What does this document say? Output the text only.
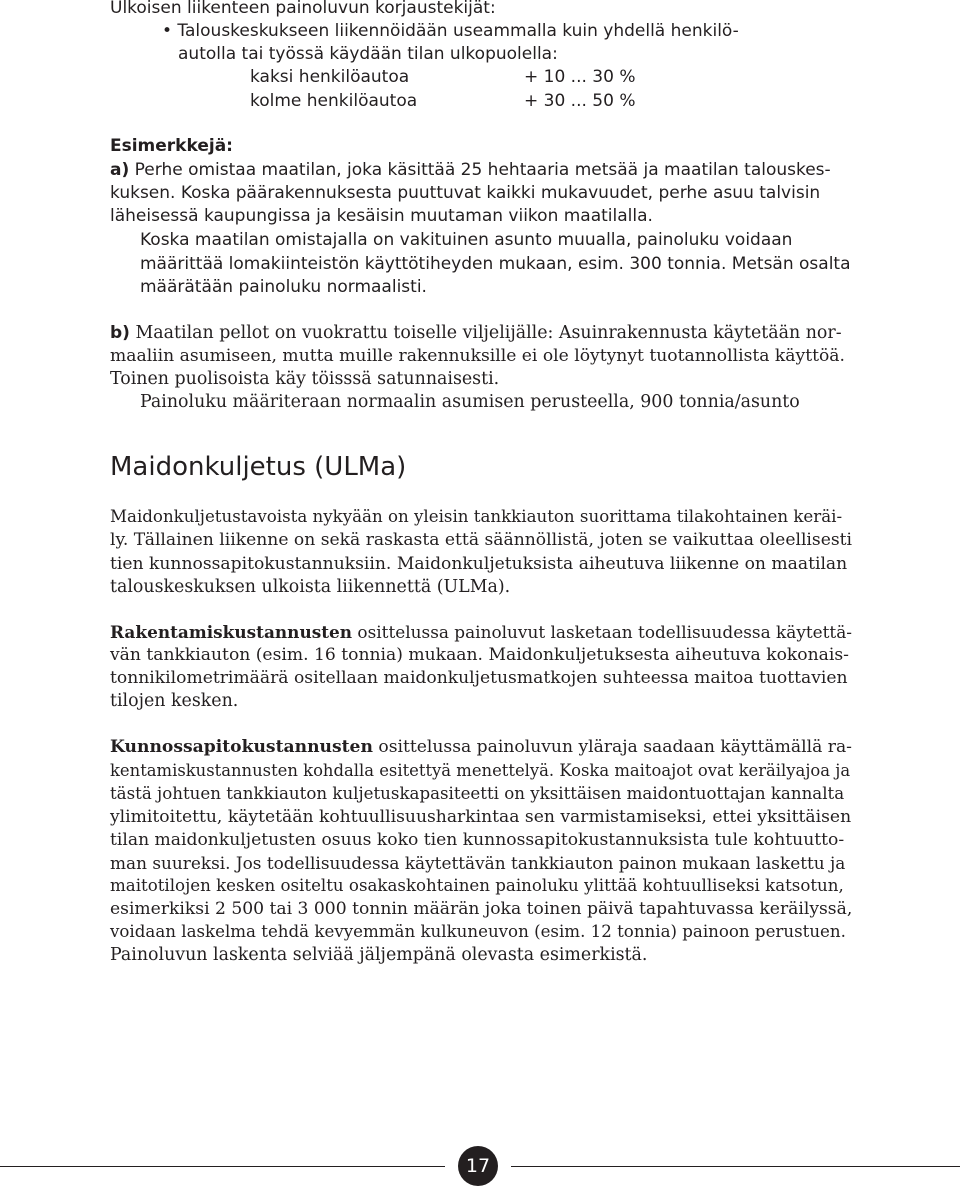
Ulkoisen liikenteen painoluvun korjaustekijät:
• Talouskeskukseen liikennöidään useammalla kuin yhdellä henkilö-
autolla tai työssä käydään tilan ulkopuolella:
kaksi henkilöautoa	+ 10 ... 30 %
kolme henkilöautoa	+ 30 ... 50 %
Esimerkkejä:
a) Perhe omistaa maatilan, joka käsittää 25 hehtaaria metsää ja maatilan talouskes-
kuksen. Koska päärakennuksesta puuttuvat kaikki mukavuudet, perhe asuu talvisin
läheisessä kaupungissa ja kesäisin muutaman viikon maatilalla.
Koska maatilan omistajalla on vakituinen asunto muualla, painoluku voidaan
määrittää lomakiinteistön käyttötiheyden mukaan, esim. 300 tonnia. Metsän osalta
määrätään painoluku normaalisti.
b) Maatilan pellot on vuokrattu toiselle viljelijälle: Asuinrakennusta käytetään nor-
maaliin asumiseen, mutta muille rakennuksille ei ole löytynyt tuotannollista käyttöä.
Toinen puolisoista käy töisssä satunnaisesti.
Painoluku määriteraan normaalin asumisen perusteella, 900 tonnia/asunto
Maidonkuljetus (ULMa)
Maidonkuljetustavoista nykyään on yleisin tankkiauton suorittama tilakohtainen keräi-
ly. Tällainen liikenne on sekä raskasta että säännöllistä, joten se vaikuttaa oleellisesti
tien kunnossapitokustannuksiin. Maidonkuljetuksista aiheutuva liikenne on maatilan
talouskeskuksen ulkoista liikennettä (ULMa).
Rakentamiskustannusten osittelussa painoluvut lasketaan todellisuudessa käytettä-
vän tankkiauton (esim. 16 tonnia) mukaan. Maidonkuljetuksesta aiheutuva kokonais-
tonnikilometrimäärä ositellaan maidonkuljetusmatkojen suhteessa maitoa tuottavien
tilojen kesken.
Kunnossapitokustannusten osittelussa painoluvun yläraja saadaan käyttämällä ra-
kentamiskustannusten kohdalla esitettyä menettelyä. Koska maitoajot ovat keräilyajoa ja
tästä johtuen tankkiauton kuljetuskapasiteetti on yksittäisen maidontuottajan kannalta
ylimitoitettu, käytetään kohtuullisuusharkintaa sen varmistamiseksi, ettei yksittäisen
tilan maidonkuljetusten osuus koko tien kunnossapitokustannuksista tule kohtuutto-
man suureksi. Jos todellisuudessa käytettävän tankkiauton painon mukaan laskettu ja
maitotilojen kesken ositeltu osakaskohtainen painoluku ylittää kohtuulliseksi katsotun,
esimerkiksi 2 500 tai 3 000 tonnin määrän joka toinen päivä tapahtuvassa keräilyssä,
voidaan laskelma tehdä kevyemmän kulkuneuvon (esim. 12 tonnia) painoon perustuen.
Painoluvun laskenta selviää jäljempänä olevasta esimerkistä.
17
